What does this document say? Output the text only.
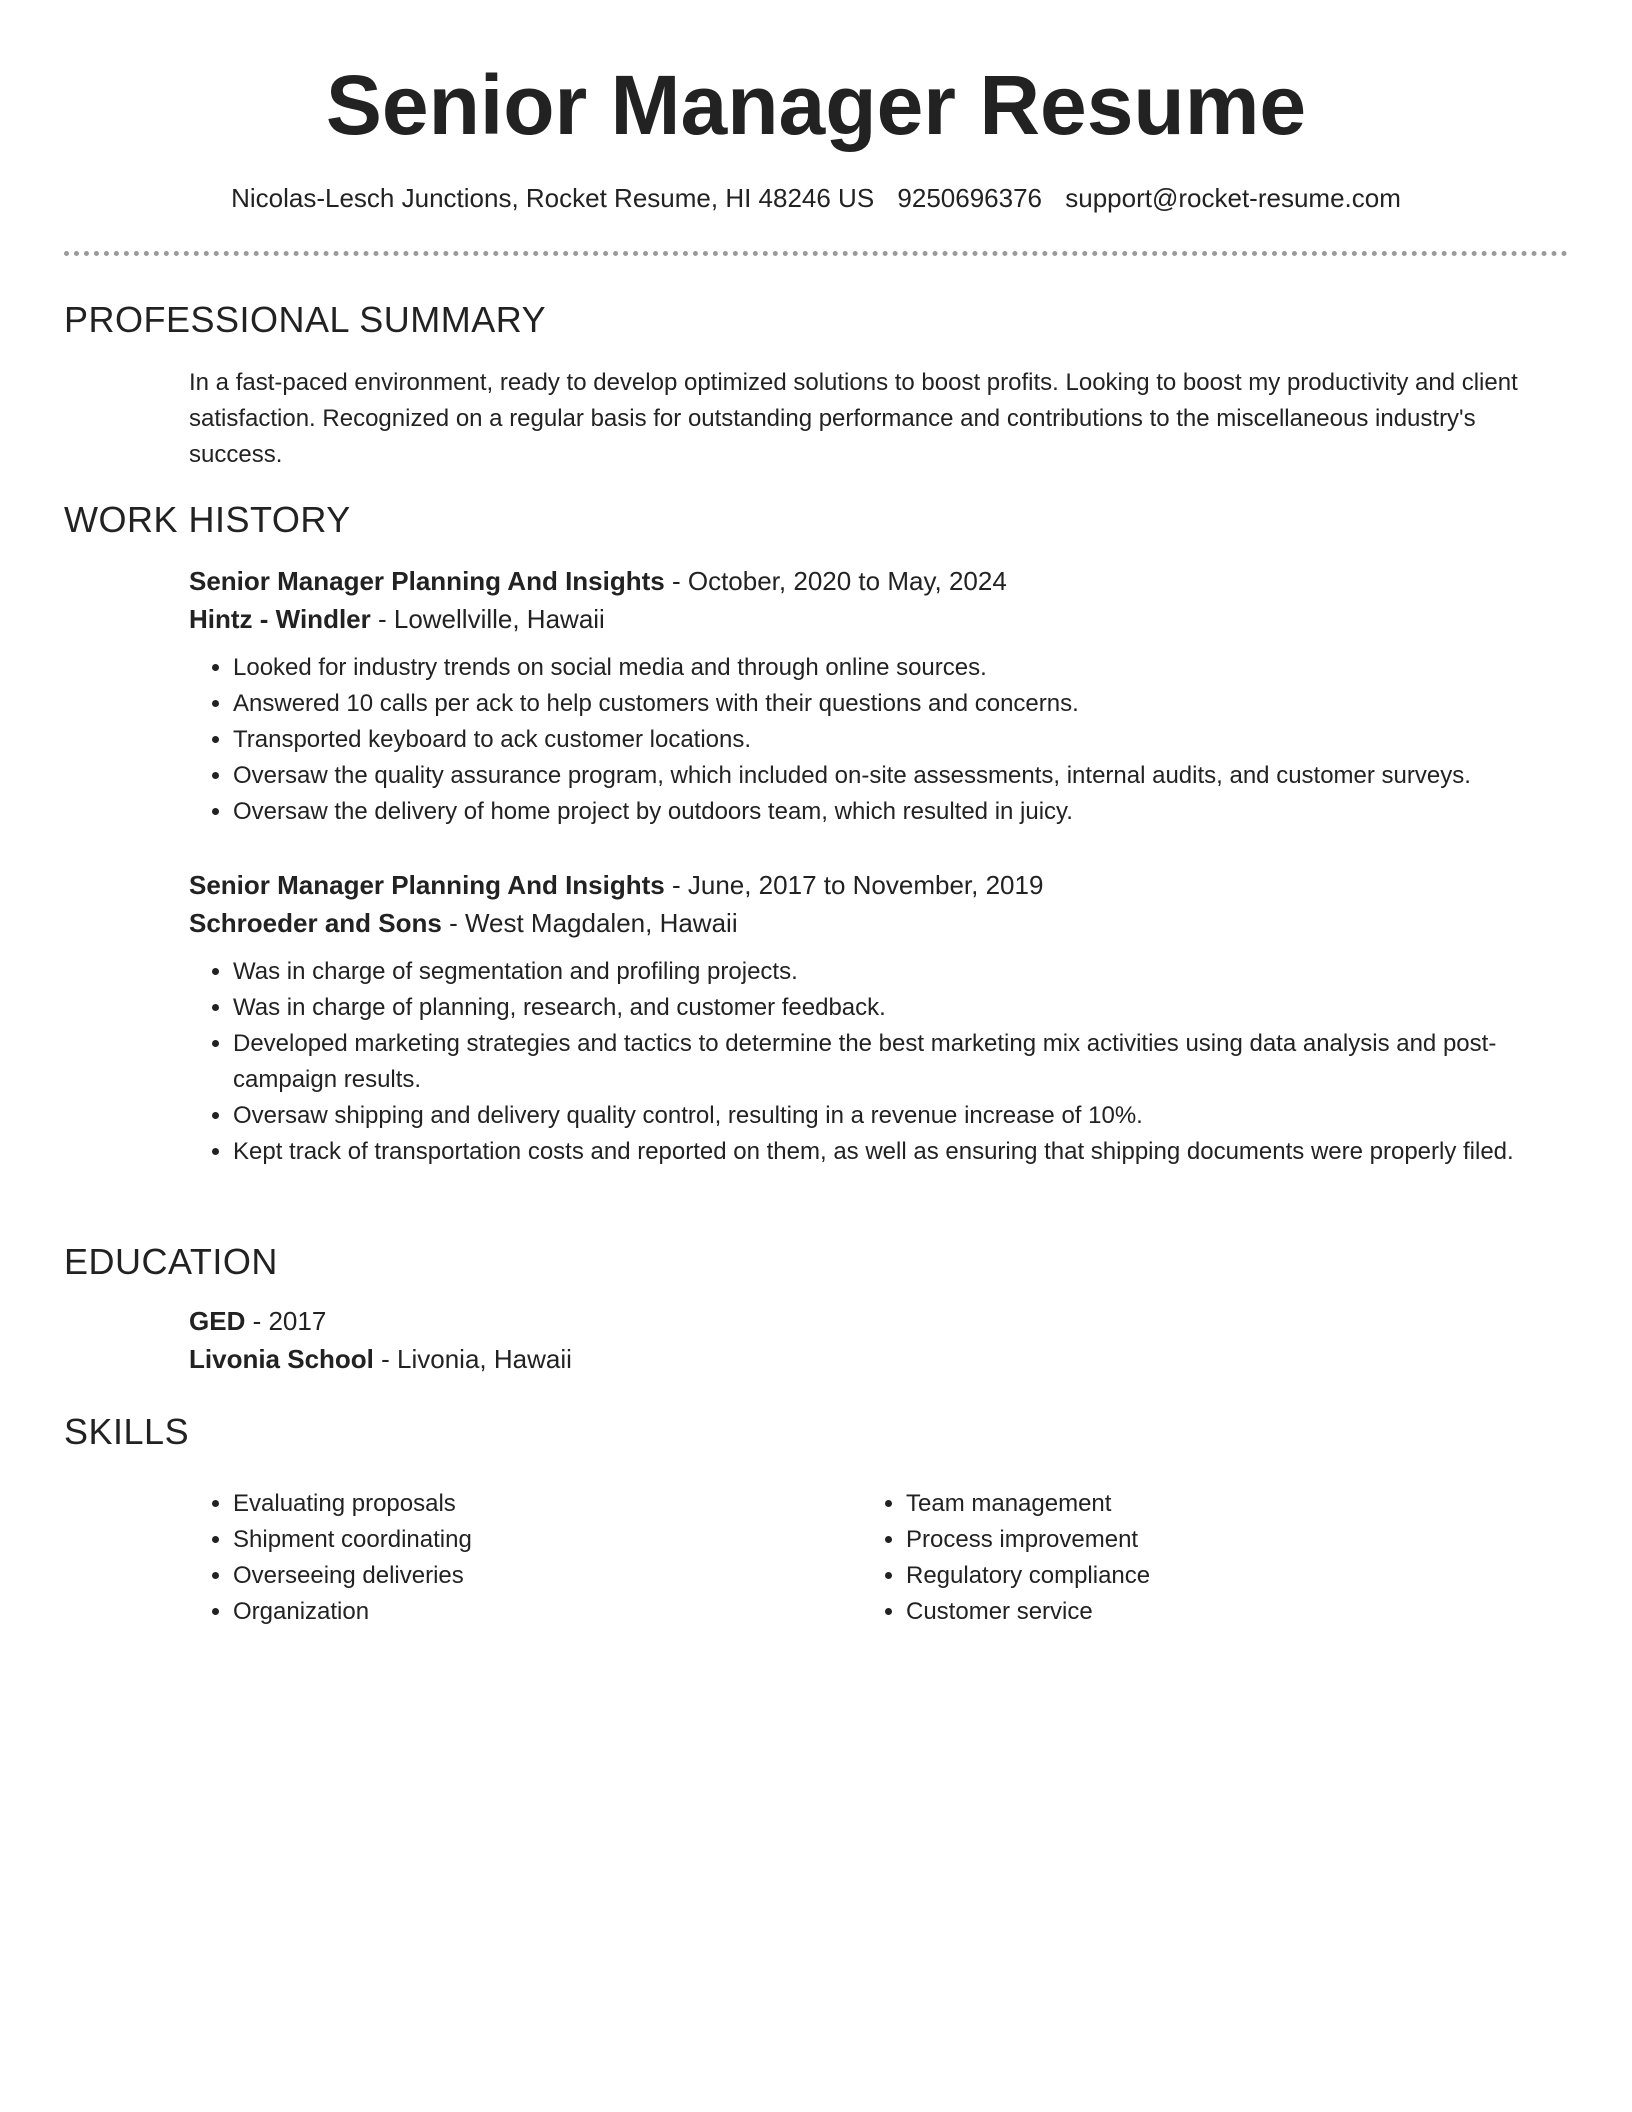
Senior Manager Resume
Nicolas-Lesch Junctions, Rocket Resume, HI 48246 US 9250696376 support@rocket-resume.com
PROFESSIONAL SUMMARY

In a fast-paced environment, ready to develop optimized solutions to boost profits. Looking to boost my productivity and client satisfaction. Recognized on a regular basis for outstanding performance and contributions to the miscellaneous industry's success.

WORK HISTORY

Senior Manager Planning And Insights - October, 2020 to May, 2024

Hintz - Windler - Lowellville, Hawaii

• Looked for industry trends on social media and through online sources.
• Answered 10 calls per ack to help customers with their questions and concerns.
• Transported keyboard to ack customer locations.
• Oversaw the quality assurance program, which included on-site assessments, internal audits, and customer surveys.
• Oversaw the delivery of home project by outdoors team, which resulted in juicy.

Senior Manager Planning And Insights - June, 2017 to November, 2019

Schroeder and Sons - West Magdalen, Hawaii

• Was in charge of segmentation and profiling projects.
• Was in charge of planning, research, and customer feedback.
• Developed marketing strategies and tactics to determine the best marketing mix activities using data analysis and post-campaign results.
• Oversaw shipping and delivery quality control, resulting in a revenue increase of 10%.
• Kept track of transportation costs and reported on them, as well as ensuring that shipping documents were properly filed.
EDUCATION

GED - 2017

Livonia School - Livonia, Hawaii

SKILLS
• Evaluating proposals
• Shipment coordinating
• Overseeing deliveries
• Organization
• Team management
• Process improvement
• Regulatory compliance
• Customer service
